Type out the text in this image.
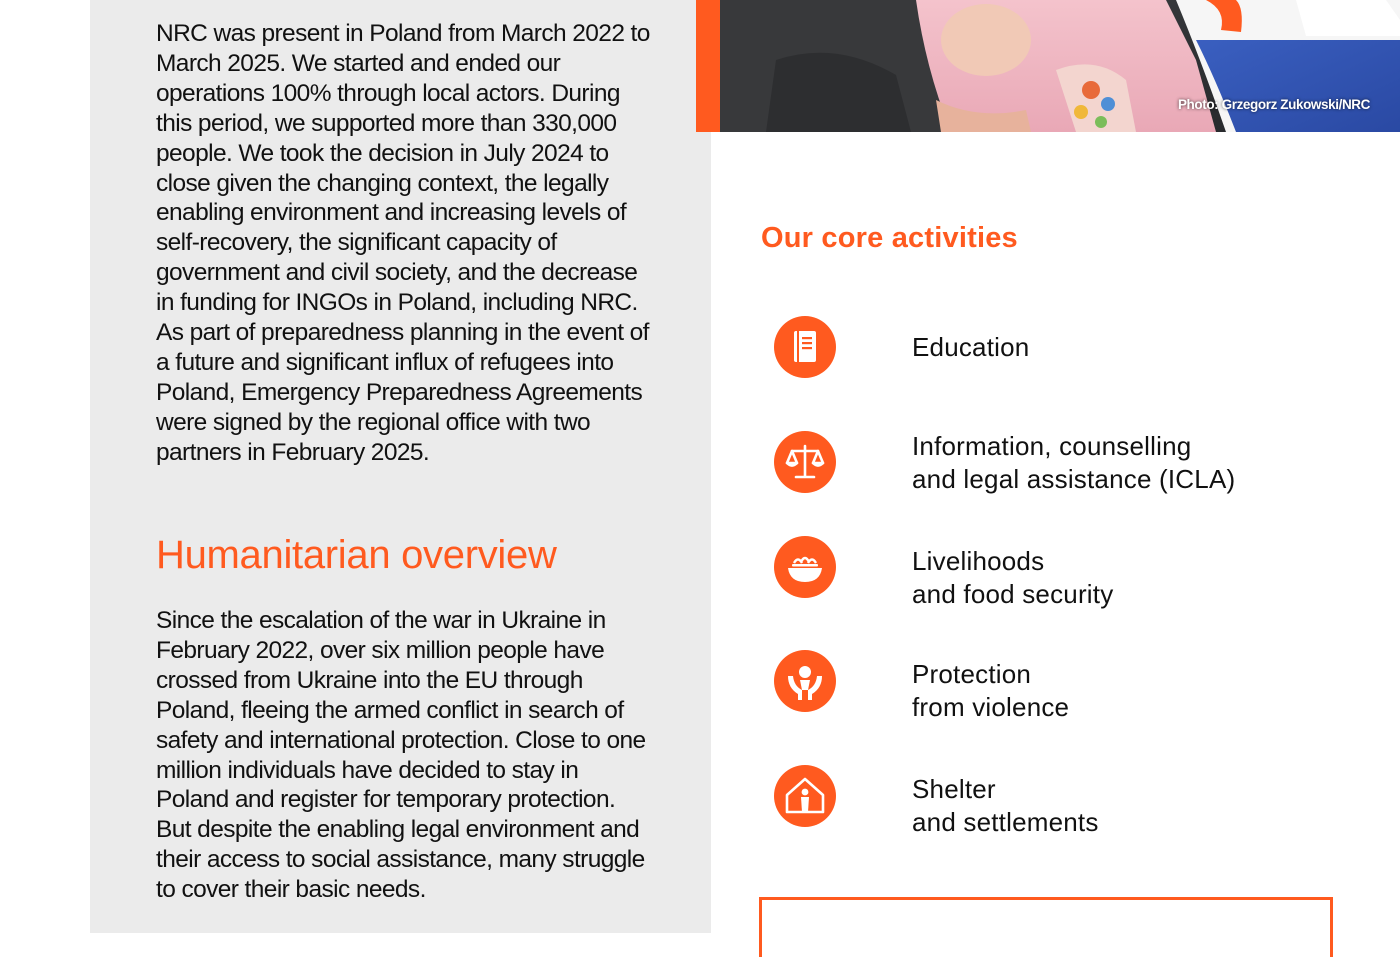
NRC was present in Poland from March 2022 to March 2025. We started and ended our operations 100% through local actors. During this period, we supported more than 330,000 people. We took the decision in July 2024 to close given the changing context, the legally enabling environment and increasing levels of self-recovery, the significant capacity of government and civil society, and the decrease in funding for INGOs in Poland, including NRC. As part of preparedness planning in the event of a future and significant influx of refugees into Poland, Emergency Preparedness Agreements were signed by the regional office with two partners in February 2025.

Humanitarian overview

Since the escalation of the war in Ukraine in February 2022, over six million people have crossed from Ukraine into the EU through Poland, fleeing the armed conflict in search of safety and international protection. Close to one million individuals have decided to stay in Poland and register for temporary protection. But despite the enabling legal environment and their access to social assistance, many struggle to cover their basic needs.

Photo: Grzegorz Zukowski/NRC
Our core activities

Education

Information, counselling
and legal assistance (ICLA)

Livelihoods
and food security

Protection
from violence

Shelter
and settlements
